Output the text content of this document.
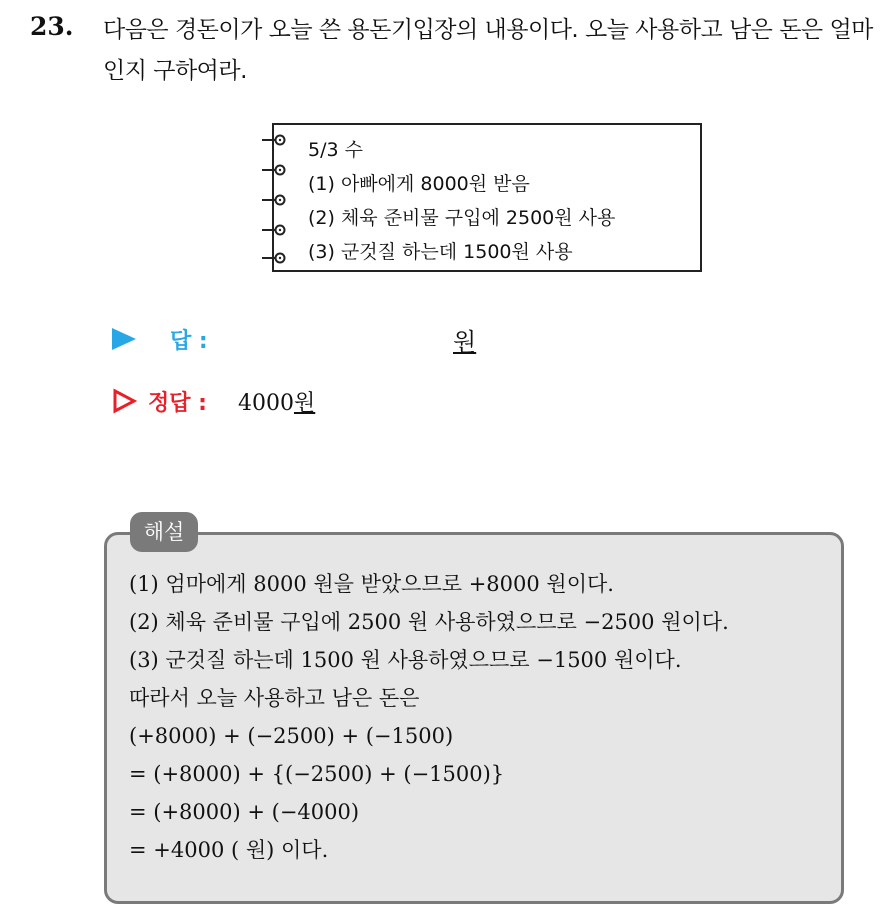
23. 다음은 경돈이가 오늘 쓴 용돈기입장의 내용이다. 오늘 사용하고 남은 돈은 얼마인지 구하여라.
5/3 수
(1) 아빠에게 8000원 받음
(2) 체육 준비물 구입에 2500원 사용
(3) 군것질 하는데 1500원 사용
답 :	원
정답 : 4000원
(1) 엄마에게 8000 원을 받았으므로 +8000 원이다.
(2) 체육 준비물 구입에 2500 원 사용하였으므로 −2500 원이다.
(3) 군것질 하는데 1500 원 사용하였으므로 −1500 원이다.
따라서 오늘 사용하고 남은 돈은
(+8000) + (−2500) + (−1500)
= (+8000) + {(−2500) + (−1500)}
= (+8000) + (−4000)
= +4000 ( 원) 이다.
해설
